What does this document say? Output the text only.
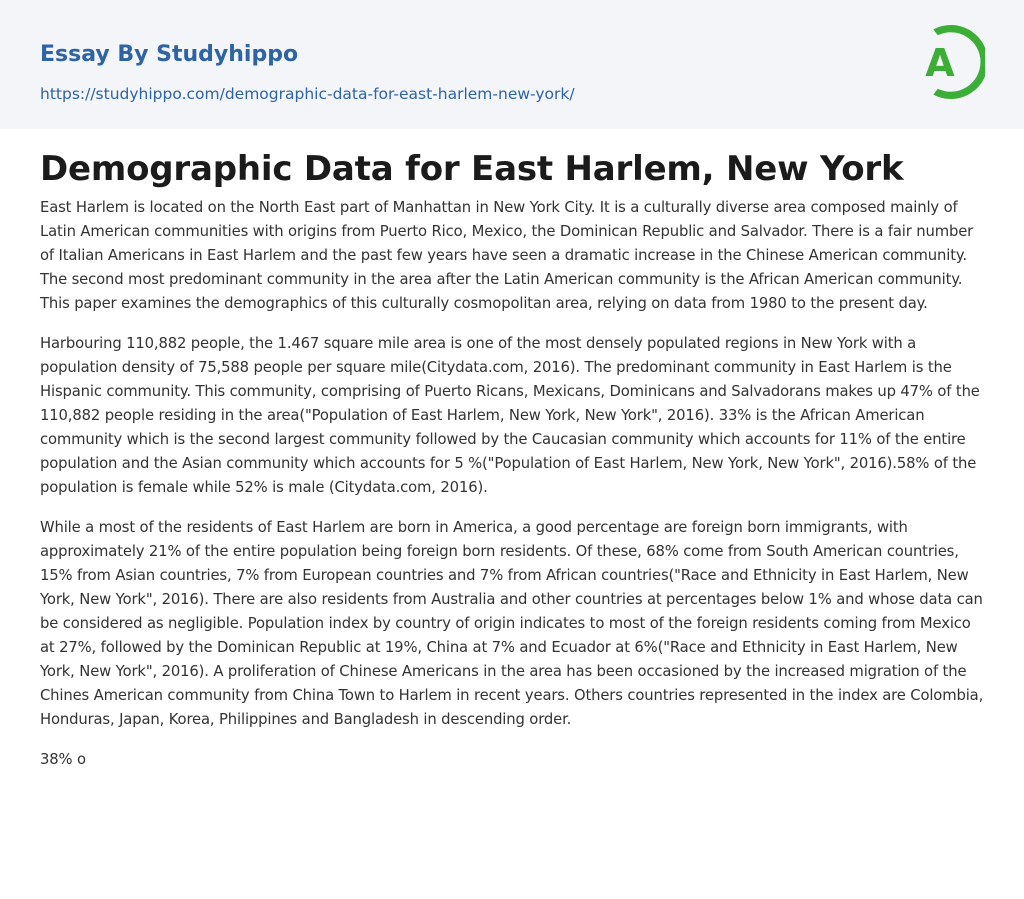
Essay By Studyhippo

https://studyhippo.com/demographic-data-for-east-harlem-new-york/
A
Demographic Data for East Harlem, New York

East Harlem is located on the North East part of Manhattan in New York City. It is a culturally diverse area composed mainly of Latin American communities with origins from Puerto Rico, Mexico, the Dominican Republic and Salvador. There is a fair number of Italian Americans in East Harlem and the past few years have seen a dramatic increase in the Chinese American community. The second most predominant community in the area after the Latin American community is the African American community. This paper examines the demographics of this culturally cosmopolitan area, relying on data from 1980 to the present day.

Harbouring 110,882 people, the 1.467 square mile area is one of the most densely populated regions in New York with a population density of 75,588 people per square mile(Citydata.com, 2016). The predominant community in East Harlem is the Hispanic community. This community, comprising of Puerto Ricans, Mexicans, Dominicans and Salvadorans makes up 47% of the 110,882 people residing in the area("Population of East Harlem, New York, New York", 2016). 33% is the African American community which is the second largest community followed by the Caucasian community which accounts for 11% of the entire population and the Asian community which accounts for 5 %("Population of East Harlem, New York, New York", 2016).58% of the population is female while 52% is male (Citydata.com, 2016).

While a most of the residents of East Harlem are born in America, a good percentage are foreign born immigrants, with approximately 21% of the entire population being foreign born residents. Of these, 68% come from South American countries, 15% from Asian countries, 7% from European countries and 7% from African countries("Race and Ethnicity in East Harlem, New York, New York", 2016). There are also residents from Australia and other countries at percentages below 1% and whose data can be considered as negligible. Population index by country of origin indicates to most of the foreign residents coming from Mexico at 27%, followed by the Dominican Republic at 19%, China at 7% and Ecuador at 6%("Race and Ethnicity in East Harlem, New York, New York", 2016). A proliferation of Chinese Americans in the area has been occasioned by the increased migration of the Chines American community from China Town to Harlem in recent years. Others countries represented in the index are Colombia, Honduras, Japan, Korea, Philippines and Bangladesh in descending order.

38% o
